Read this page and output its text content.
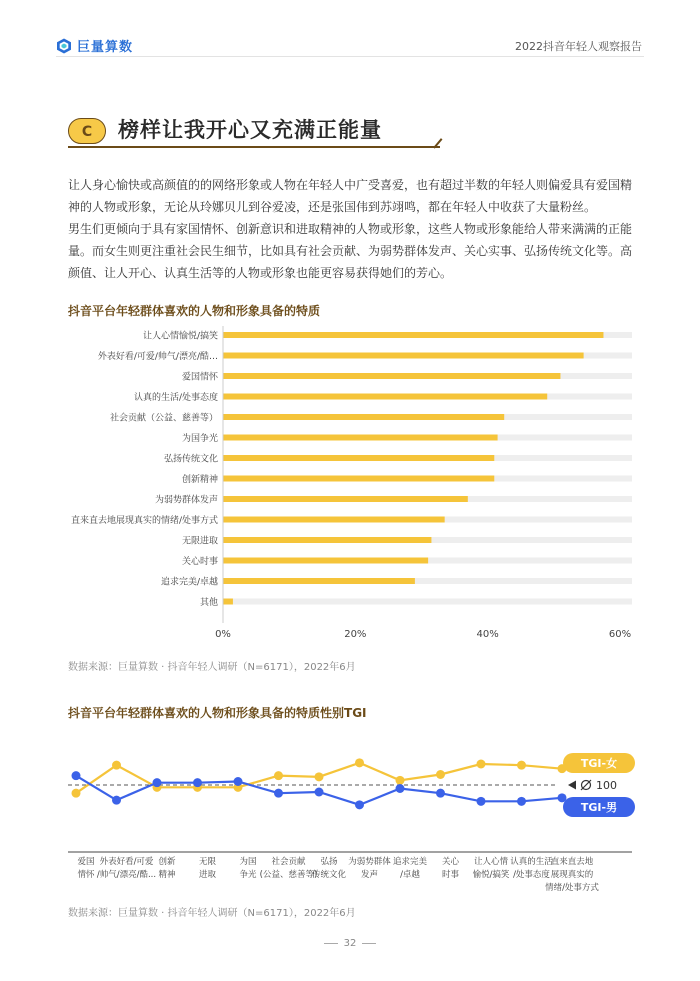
巨量算数	2022抖音年轻人观察报告
C	榜样让我开心又充满正能量
让人身心愉快或高颜值的的网络形象或人物在年轻人中广受喜爱，也有超过半数的年轻人则偏爱具有爱国精神的人物或形象，无论从玲娜贝儿到谷爱凌，还是张国伟到苏翊鸣，都在年轻人中收获了大量粉丝。
男生们更倾向于具有家国情怀、创新意识和进取精神的人物或形象，这些人物或形象能给人带来满满的正能量。而女生则更注重社会民生细节，比如具有社会贡献、为弱势群体发声、关心实事、弘扬传统文化等。高颜值、让人开心、认真生活等的人物或形象也能更容易获得她们的芳心。
抖音平台年轻群体喜欢的人物和形象具备的特质
让人心情愉悦/搞笑
外表好看/可爱/帅气/漂亮/酷…
爱国情怀
认真的生活/处事态度
社会贡献（公益、慈善等）
为国争光
弘扬传统文化
创新精神
为弱势群体发声
直来直去地展现真实的情绪/处事方式
无限进取
关心时事
追求完美/卓越
其他
0%	20%	40%	60%
数据来源：巨量算数 · 抖音年轻人调研（N=6171），2022年6月
抖音平台年轻群体喜欢的人物和形象具备的特质性别TGI
TGI-女
TGI-男
100
爱国情怀
外表好看/可爱/帅气/漂亮/酷...
创新精神
无限进取
为国争光
社会贡献(公益、慈善等)
弘扬传统文化
为弱势群体发声
追求完美/卓越
关心时事
让人心情愉悦/搞笑
认真的生活/处事态度
直来直去地展现真实的情绪/处事方式
数据来源：巨量算数 · 抖音年轻人调研（N=6171），2022年6月
32
